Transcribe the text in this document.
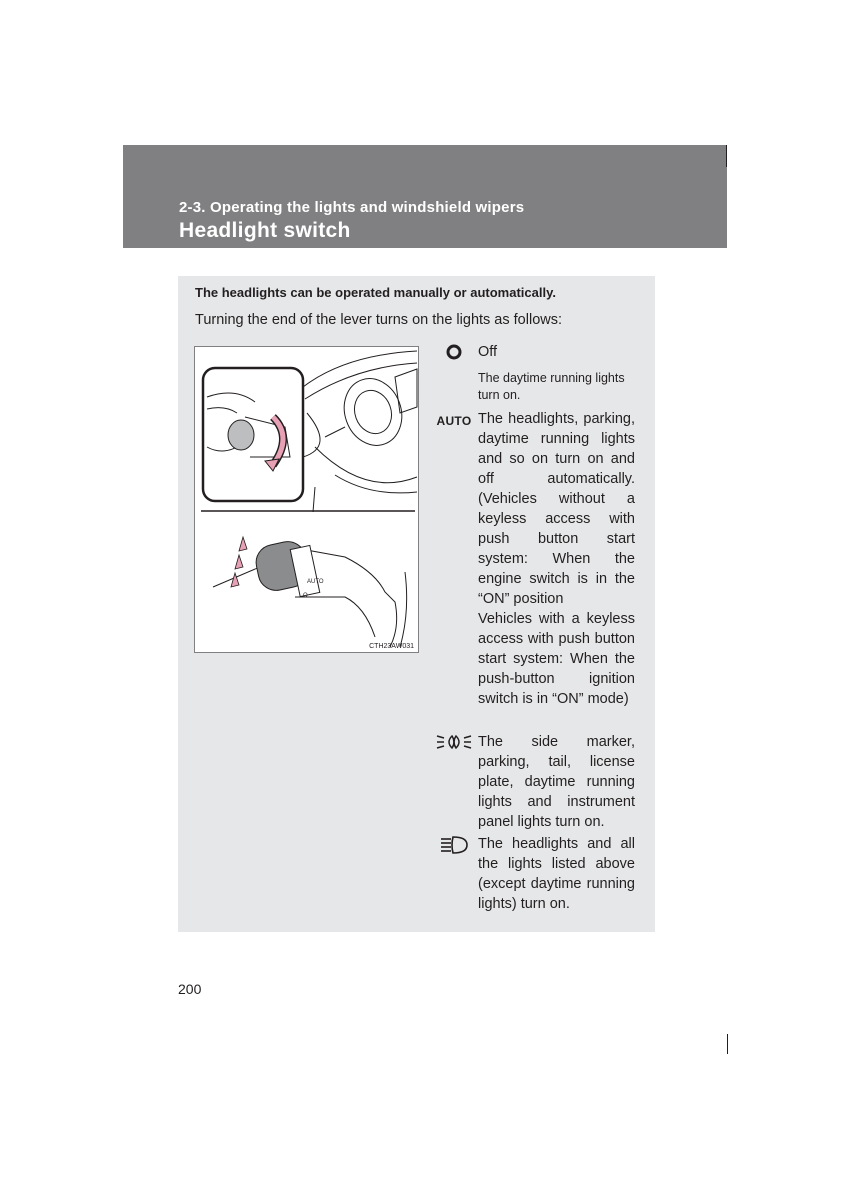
2-3. Operating the lights and windshield wipers
Headlight switch
The headlights can be operated manually or automatically.
Turning the end of the lever turns on the lights as follows:
AUTO
O
CTH23AW031
Off
The daytime running lights turn on.
AUTO The headlights, parking, daytime running lights and so on turn on and off automatically. (Vehicles without a keyless access with push button start system: When the engine switch is in the “ON” position
Vehicles with a keyless access with push button start system: When the push-button ignition switch is in “ON” mode)
The side marker, parking, tail, license plate, daytime running lights and instrument panel lights turn on.
The headlights and all the lights listed above (except daytime running lights) turn on.
200
